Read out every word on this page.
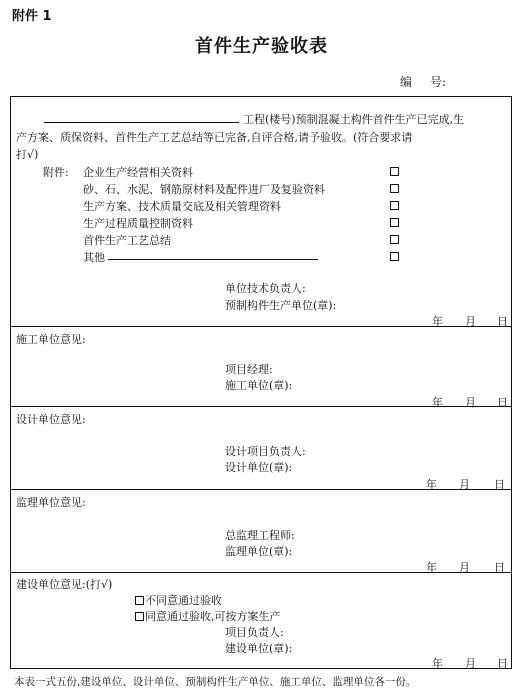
附件 1
首件生产验收表
编 号:
工程(楼号)预制混凝土构件首件生产已完成,生
产方案、质保资料、首件生产工艺总结等已完备,自评合格,请予验收。(符合要求请
打√)
附件: 企业生产经营相关资料
砂、石、水泥、钢筋原材料及配件进厂及复验资料
生产方案、技术质量交底及相关管理资料
生产过程质量控制资料
首件生产工艺总结
其他
单位技术负责人:
预制构件生产单位(章):
年 月 日
施工单位意见:
项目经理:
施工单位(章):
年 月 日
设计单位意见:
设计项目负责人:
设计单位(章):
年 月 日
监理单位意见:
总监理工程师:
监理单位(章):
年 月 日
建设单位意见:(打√)
不同意通过验收
同意通过验收,可按方案生产
项目负责人:
建设单位(章):
年 月 日
本表一式五份,建设单位、设计单位、预制构件生产单位、施工单位、监理单位各一份。
